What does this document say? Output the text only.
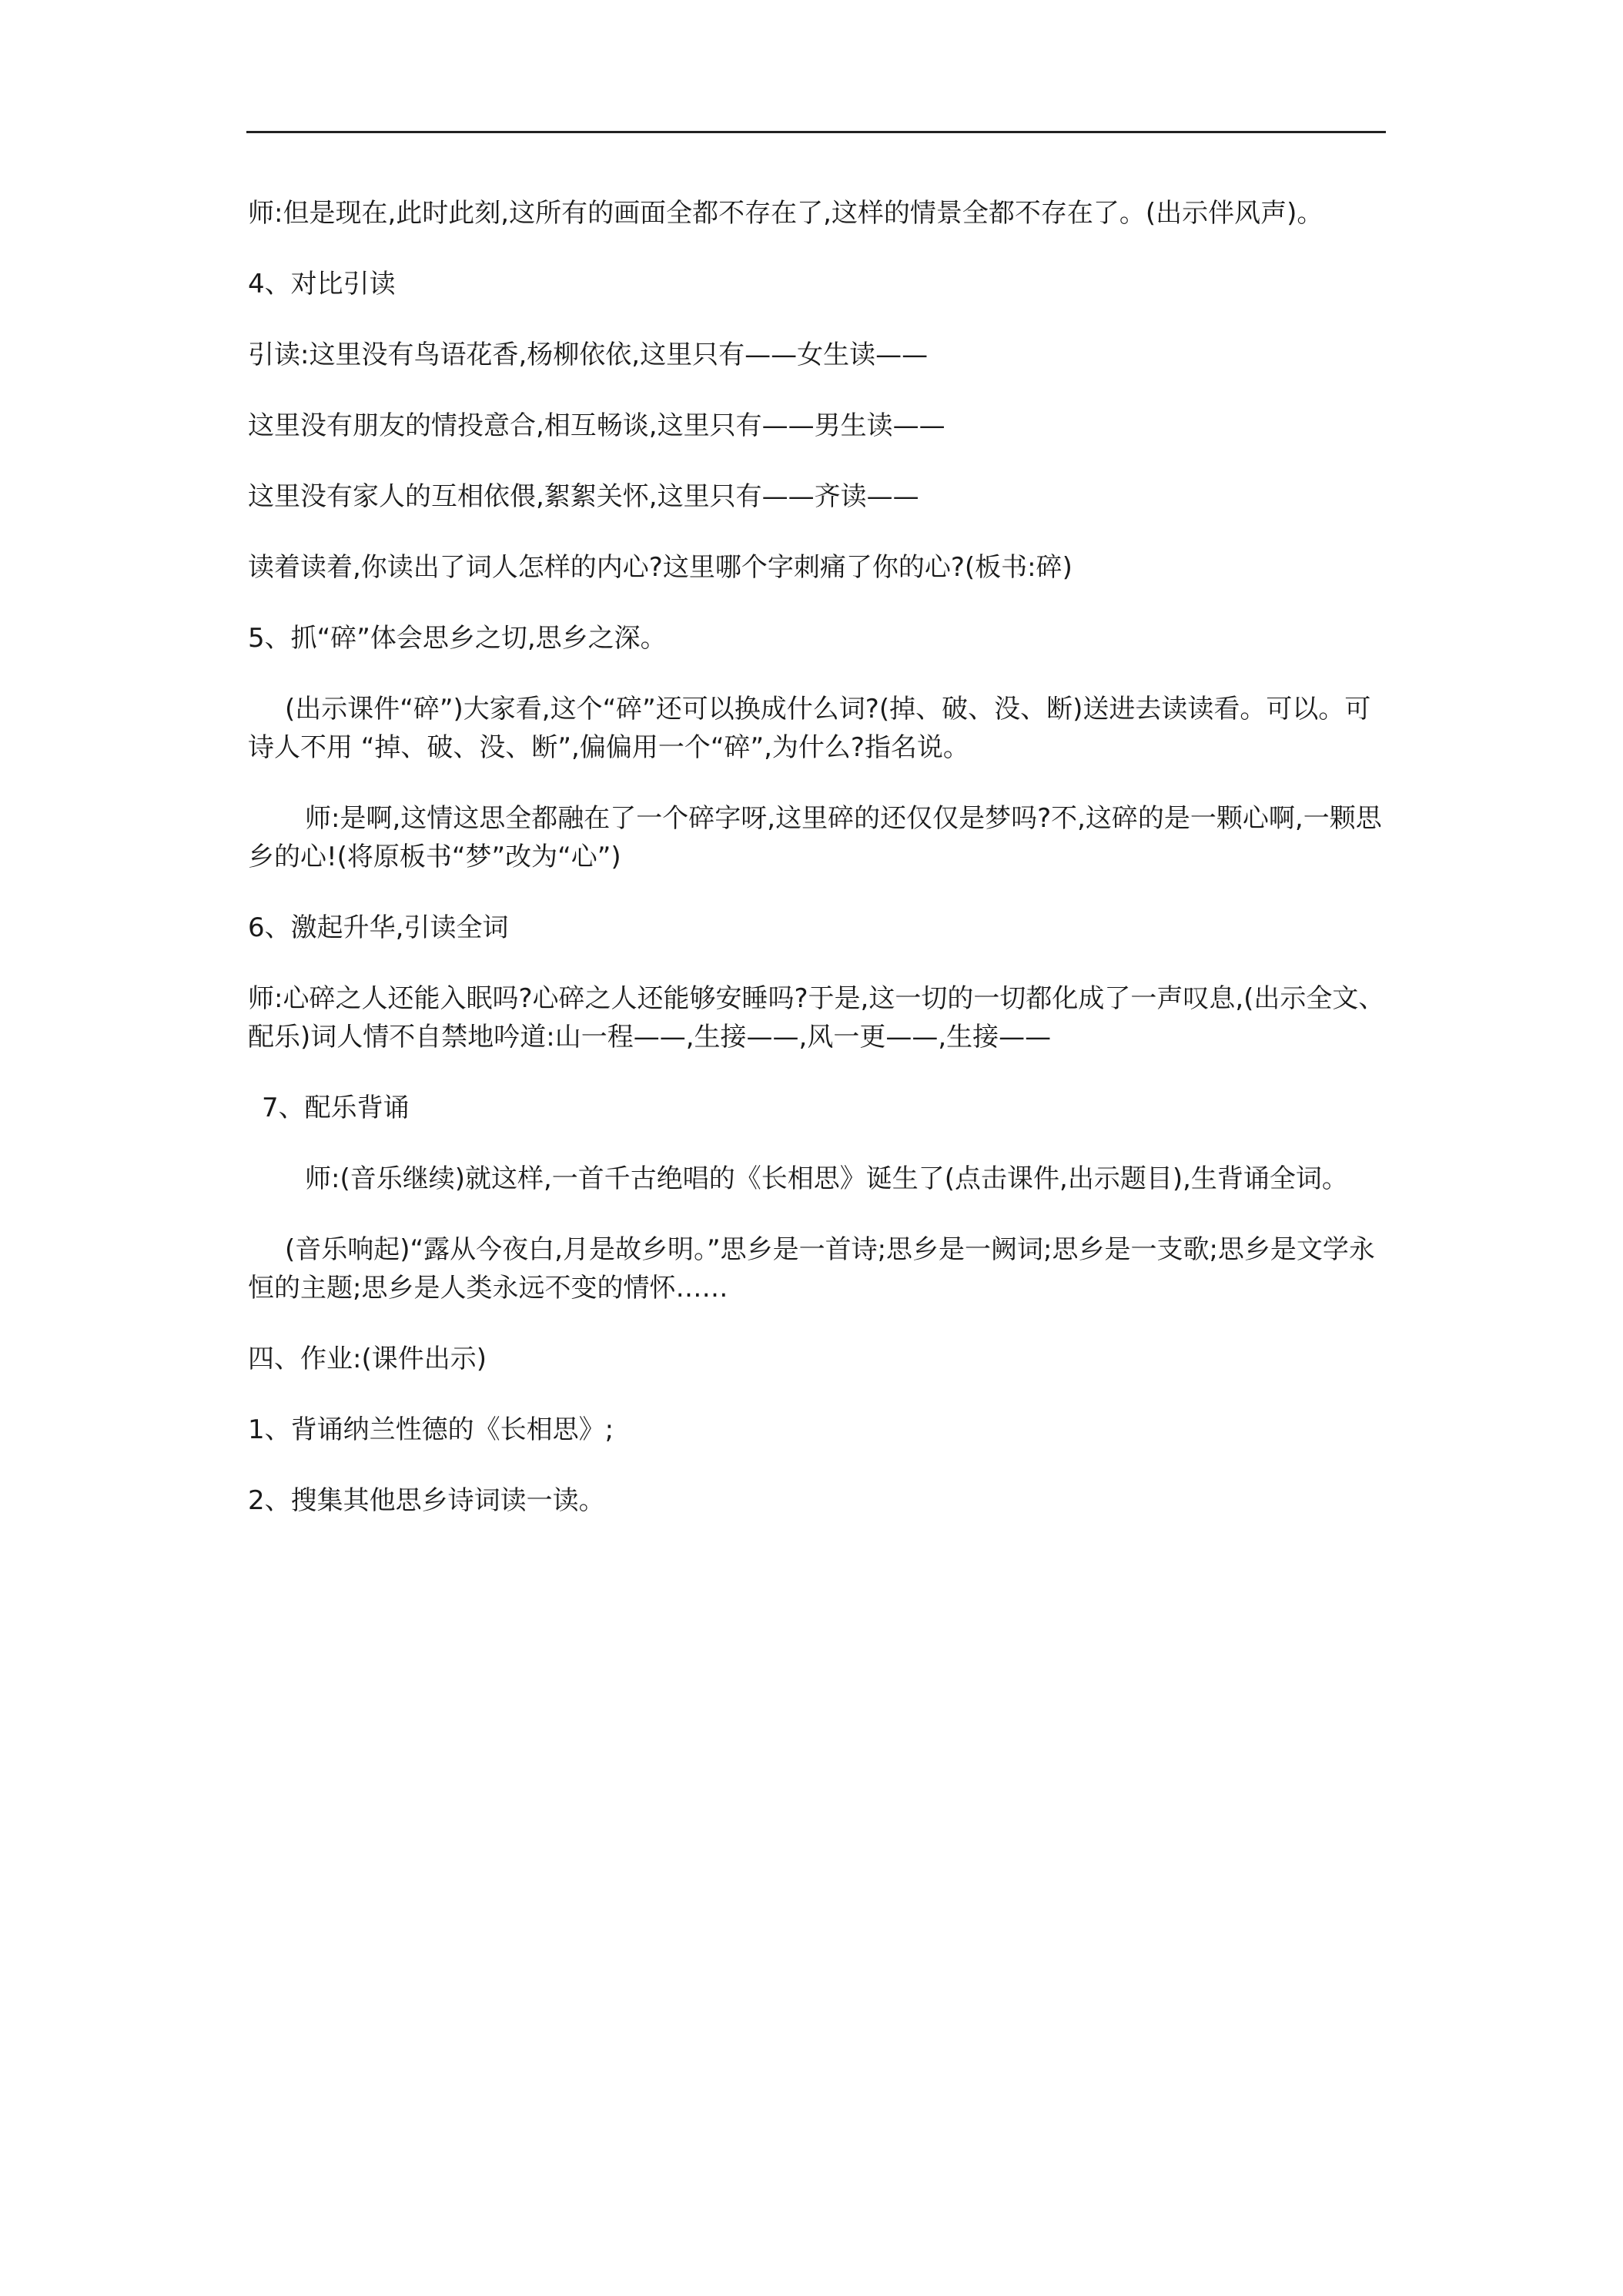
师:但是现在,此时此刻,这所有的画面全都不存在了,这样的情景全都不存在了。(出示伴风声)。

4、对比引读

引读:这里没有鸟语花香,杨柳依依,这里只有——女生读——

这里没有朋友的情投意合,相互畅谈,这里只有——男生读——

这里没有家人的互相依偎,絮絮关怀,这里只有——齐读——

读着读着,你读出了词人怎样的内心?这里哪个字刺痛了你的心?(板书:碎)

5、抓“碎”体会思乡之切,思乡之深。

(出示课件“碎”)大家看,这个“碎”还可以换成什么词?(掉、破、没、断)送进去读读看。可以。可诗人不用 “掉、破、没、断”,偏偏用一个“碎”,为什么?指名说。

师:是啊,这情这思全都融在了一个碎字呀,这里碎的还仅仅是梦吗?不,这碎的是一颗心啊,一颗思乡的心!(将原板书“梦”改为“心”)

6、激起升华,引读全词

师:心碎之人还能入眠吗?心碎之人还能够安睡吗?于是,这一切的一切都化成了一声叹息,(出示全文、配乐)词人情不自禁地吟道:山一程——,生接——,风一更——,生接——

7、配乐背诵

师:(音乐继续)就这样,一首千古绝唱的《长相思》诞生了(点击课件,出示题目),生背诵全词。

(音乐响起)“露从今夜白,月是故乡明。”思乡是一首诗;思乡是一阙词;思乡是一支歌;思乡是文学永恒的主题;思乡是人类永远不变的情怀……

四、作业:(课件出示)

1、背诵纳兰性德的《长相思》;

2、搜集其他思乡诗词读一读。
